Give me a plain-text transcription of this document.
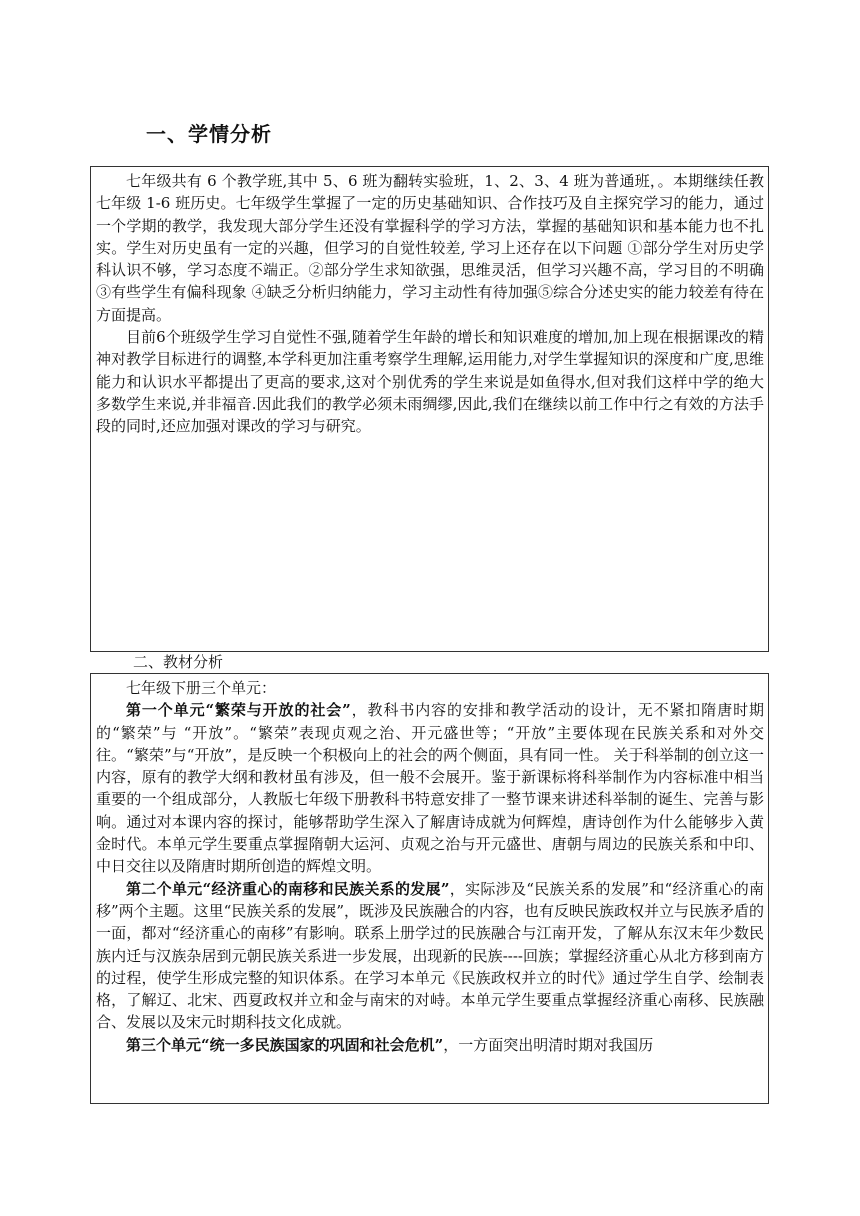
一、学情分析

七年级共有 6 个教学班,其中 5、6 班为翻转实验班，1、2、3、4 班为普通班，。本期继续任教七年级 1-6 班历史。七年级学生掌握了一定的历史基础知识、合作技巧及自主探究学习的能力，通过一个学期的教学，我发现大部分学生还没有掌握科学的学习方法，掌握的基础知识和基本能力也不扎实。学生对历史虽有一定的兴趣，但学习的自觉性较差, 学习上还存在以下问题 ①部分学生对历史学科认识不够，学习态度不端正。②部分学生求知欲强，思维灵活，但学习兴趣不高，学习目的不明确 ③有些学生有偏科现象 ④缺乏分析归纳能力，学习主动性有待加强⑤综合分述史实的能力较差有待在方面提高。

目前6个班级学生学习自觉性不强,随着学生年龄的增长和知识难度的增加,加上现在根据课改的精神对教学目标进行的调整,本学科更加注重考察学生理解,运用能力,对学生掌握知识的深度和广度,思维能力和认识水平都提出了更高的要求,这对个别优秀的学生来说是如鱼得水,但对我们这样中学的绝大多数学生来说,并非福音.因此我们的教学必须未雨绸缪,因此,我们在继续以前工作中行之有效的方法手段的同时,还应加强对课改的学习与研究。

二、教材分析

七年级下册三个单元：

第一个单元“繁荣与开放的社会”，教科书内容的安排和教学活动的设计，无不紧扣隋唐时期的“繁荣”与 “开放”。“繁荣”表现贞观之治、开元盛世等；“开放”主要体现在民族关系和对外交往。“繁荣”与“开放”，是反映一个积极向上的社会的两个侧面，具有同一性。 关于科举制的创立这一内容，原有的教学大纲和教材虽有涉及，但一般不会展开。鉴于新课标将科举制作为内容标准中相当重要的一个组成部分，人教版七年级下册教科书特意安排了一整节课来讲述科举制的诞生、完善与影响。通过对本课内容的探讨，能够帮助学生深入了解唐诗成就为何辉煌，唐诗创作为什么能够步入黄金时代。本单元学生要重点掌握隋朝大运河、贞观之治与开元盛世、唐朝与周边的民族关系和中印、中日交往以及隋唐时期所创造的辉煌文明。

第二个单元“经济重心的南移和民族关系的发展”，实际涉及“民族关系的发展”和“经济重心的南移”两个主题。这里“民族关系的发展”，既涉及民族融合的内容，也有反映民族政权并立与民族矛盾的一面，都对“经济重心的南移”有影响。联系上册学过的民族融合与江南开发，了解从东汉末年少数民族内迁与汉族杂居到元朝民族关系进一步发展，出现新的民族----回族；掌握经济重心从北方移到南方的过程，使学生形成完整的知识体系。在学习本单元《民族政权并立的时代》通过学生自学、绘制表格，了解辽、北宋、西夏政权并立和金与南宋的对峙。本单元学生要重点掌握经济重心南移、民族融合、发展以及宋元时期科技文化成就。

第三个单元“统一多民族国家的巩固和社会危机”，一方面突出明清时期对我国历
